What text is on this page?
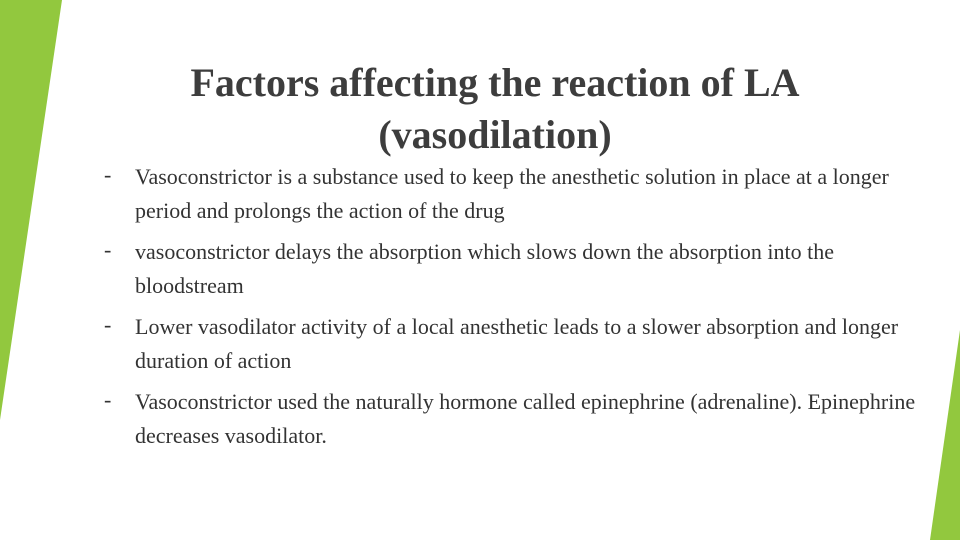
Factors affecting the reaction of LA
(vasodilation)
- Vasoconstrictor is a substance used to keep the anesthetic solution in place at a longer period and prolongs the action of the drug
- vasoconstrictor delays the absorption which slows down the absorption into the bloodstream
- Lower vasodilator activity of a local anesthetic leads to a slower absorption and longer duration of action
- Vasoconstrictor used the naturally hormone called epinephrine (adrenaline). Epinephrine decreases vasodilator.
